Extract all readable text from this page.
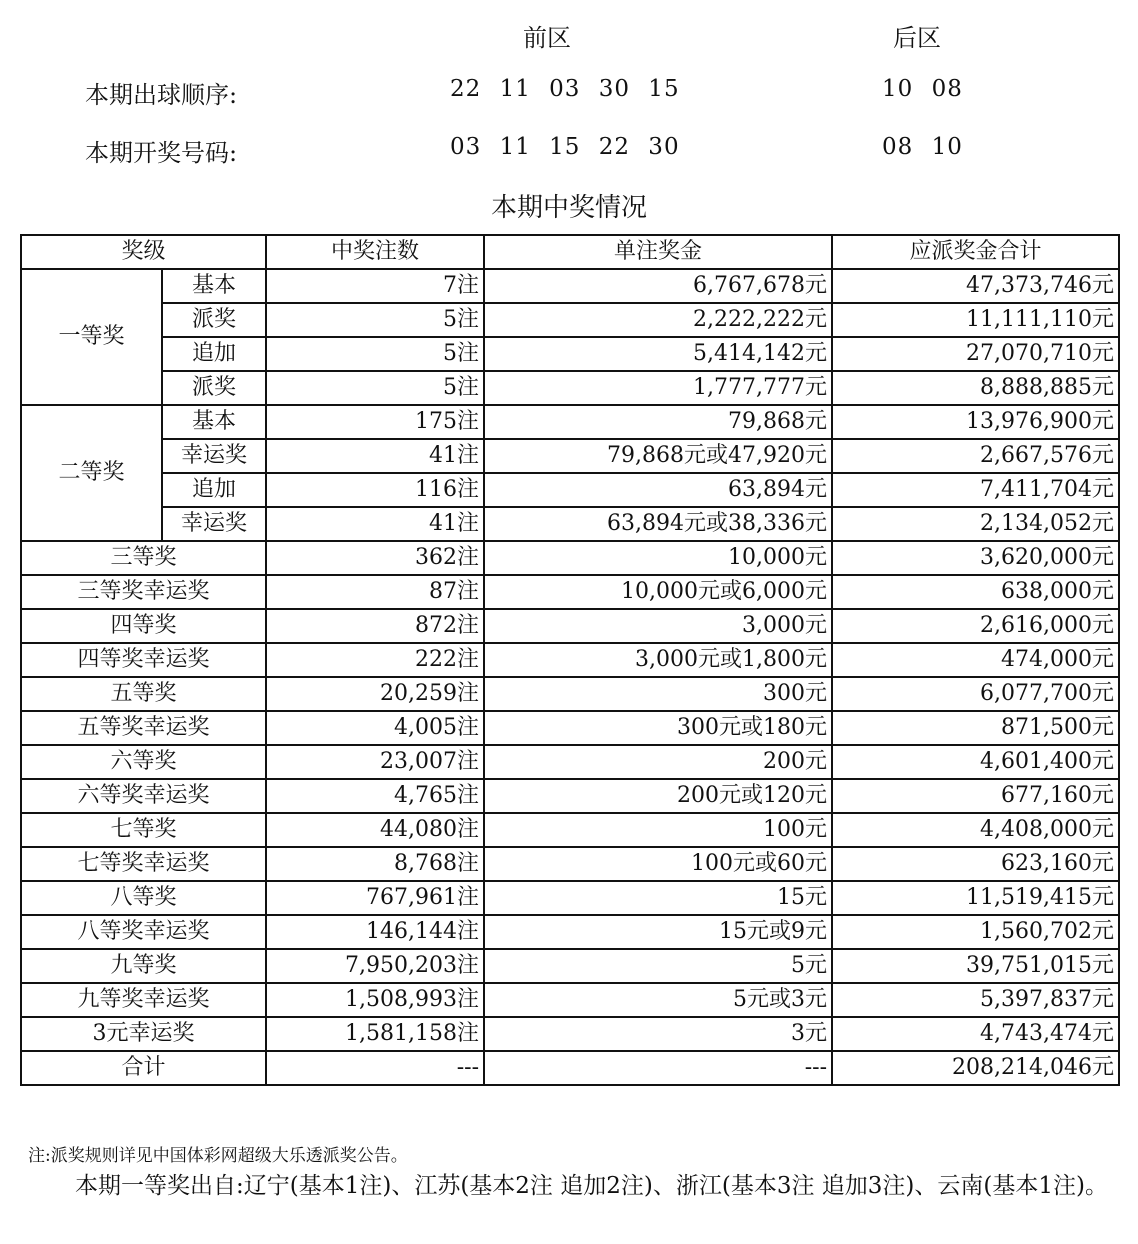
前区	后区
本期出球顺序:	22 11 03 30 15	10 08
本期开奖号码:	03 11 15 22 30	08 10
本期中奖情况
奖级		中奖注数	单注奖金	应派奖金合计
一等奖	基本	7注	6,767,678元	47,373,746元
	派奖	5注	2,222,222元	11,111,110元
	追加	5注	5,414,142元	27,070,710元
	派奖	5注	1,777,777元	8,888,885元
二等奖	基本	175注	79,868元	13,976,900元
	幸运奖	41注	79,868元或47,920元	2,667,576元
	追加	116注	63,894元	7,411,704元
	幸运奖	41注	63,894元或38,336元	2,134,052元
三等奖		362注	10,000元	3,620,000元
三等奖幸运奖		87注	10,000元或6,000元	638,000元
四等奖		872注	3,000元	2,616,000元
四等奖幸运奖		222注	3,000元或1,800元	474,000元
五等奖		20,259注	300元	6,077,700元
五等奖幸运奖		4,005注	300元或180元	871,500元
六等奖		23,007注	200元	4,601,400元
六等奖幸运奖		4,765注	200元或120元	677,160元
七等奖		44,080注	100元	4,408,000元
七等奖幸运奖		8,768注	100元或60元	623,160元
八等奖		767,961注	15元	11,519,415元
八等奖幸运奖		146,144注	15元或9元	1,560,702元
九等奖		7,950,203注	5元	39,751,015元
九等奖幸运奖		1,508,993注	5元或3元	5,397,837元
3元幸运奖		1,581,158注	3元	4,743,474元
合计		---	---	208,214,046元
注:派奖规则详见中国体彩网超级大乐透派奖公告。
本期一等奖出自:辽宁(基本1注)、江苏(基本2注 追加2注)、浙江(基本3注 追加3注)、云南(基本1注)。
